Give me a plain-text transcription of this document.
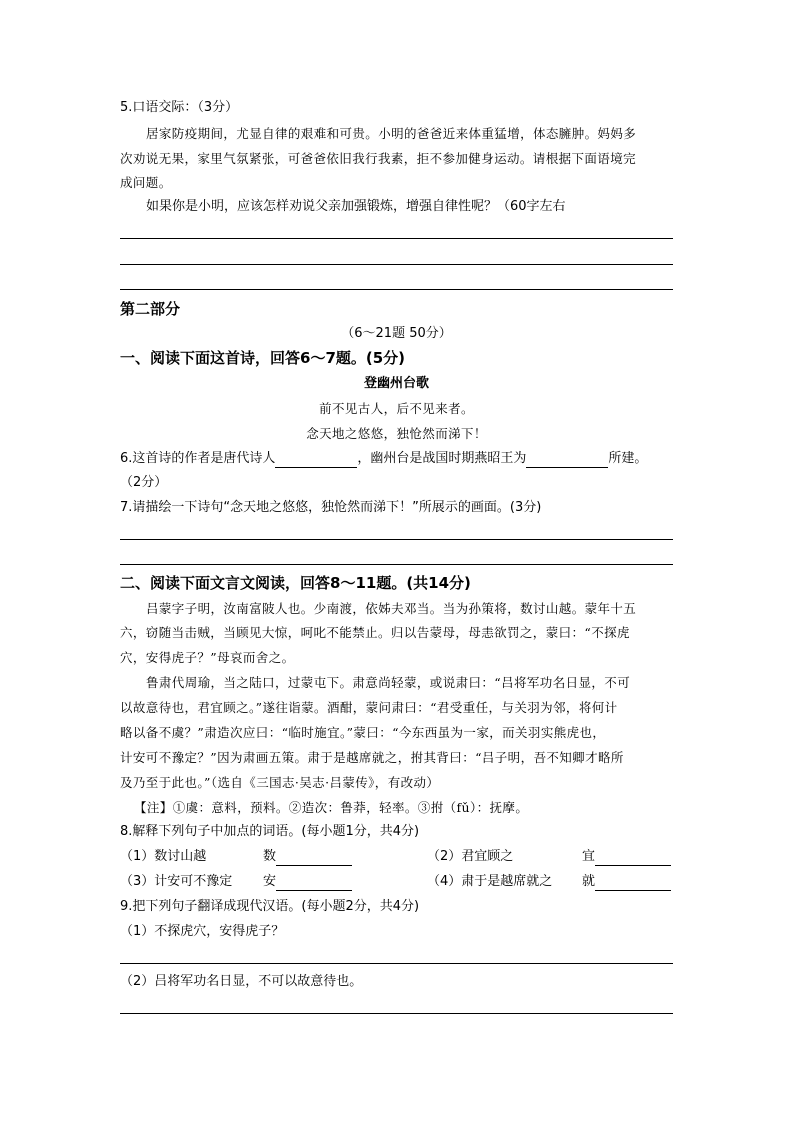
5.口语交际：（3分）
居家防疫期间，尤显自律的艰难和可贵。小明的爸爸近来体重猛增，体态臃肿。妈妈多
次劝说无果，家里气氛紧张，可爸爸依旧我行我素，拒不参加健身运动。请根据下面语境完
成问题。
如果你是小明，应该怎样劝说父亲加强锻炼，增强自律性呢？（60字左右
第二部分
（6～21题 50分）
一、阅读下面这首诗，回答6～7题。(5分)
登幽州台歌
前不见古人，后不见来者。
念天地之悠悠，独怆然而涕下！
6.这首诗的作者是唐代诗人	，幽州台是战国时期燕昭王为	所建。
（2分）
7.请描绘一下诗句“念天地之悠悠，独怆然而涕下！”所展示的画面。(3分)
二、阅读下面文言文阅读，回答8～11题。(共14分)
吕蒙字子明，汝南富陂人也。少南渡，依姊夫邓当。当为孙策将，数讨山越。蒙年十五
六，窃随当击贼，当顾见大惊，呵叱不能禁止。归以告蒙母，母恚欲罚之，蒙曰：“不探虎
穴，安得虎子？”母哀而舍之。
鲁肃代周瑜，当之陆口，过蒙屯下。肃意尚轻蒙，或说肃曰：“吕将军功名日显，不可
以故意待也，君宜顾之。”遂往诣蒙。酒酣，蒙问肃曰：“君受重任，与关羽为邻，将何计
略以备不虞？”肃造次应曰：“临时施宜。”蒙曰：“今东西虽为一家，而关羽实熊虎也，
计安可不豫定？”因为肃画五策。肃于是越席就之，拊其背曰：“吕子明，吾不知卿才略所
及乃至于此也。”（选自《三国志·吴志·吕蒙传》，有改动）
【注】①虞：意料，预料。②造次：鲁莽，轻率。③拊（fǔ）：抚摩。
8.解释下列句子中加点的词语。(每小题1分，共4分)
（1）数讨山越	数	（2）君宜顾之	宜
（3）计安可不豫定 安	（4）肃于是越席就之 就
9.把下列句子翻译成现代汉语。(每小题2分，共4分)
（1）不探虎穴，安得虎子？
（2）吕将军功名日显，不可以故意待也。
